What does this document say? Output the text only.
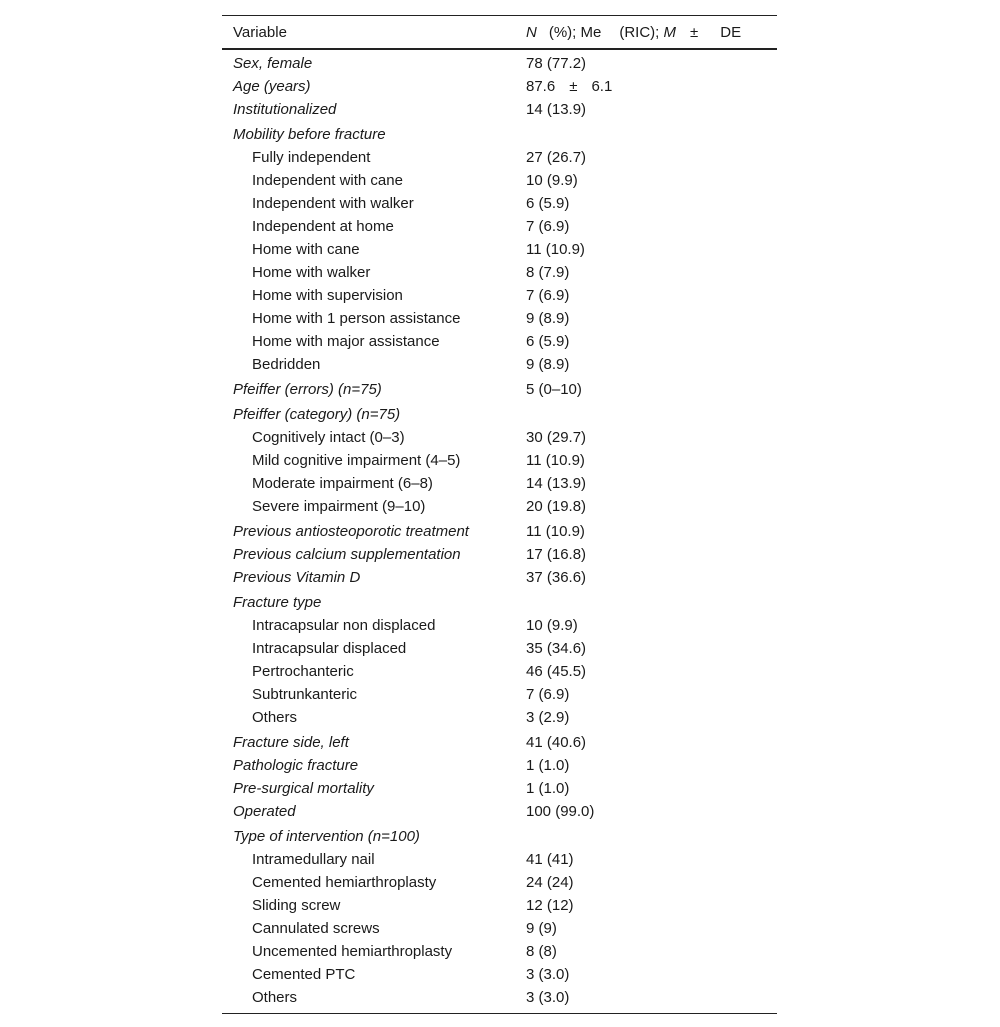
Variable	N (%); Me (RIC); M ± DE
Sex, female	78 (77.2)
Age (years)	87.6 ± 6.1
Institutionalized	14 (13.9)
Mobility before fracture
Fully independent	27 (26.7)
Independent with cane	10 (9.9)
Independent with walker	6 (5.9)
Independent at home	7 (6.9)
Home with cane	11 (10.9)
Home with walker	8 (7.9)
Home with supervision	7 (6.9)
Home with 1 person assistance	9 (8.9)
Home with major assistance	6 (5.9)
Bedridden	9 (8.9)
Pfeiffer (errors) (n=75)	5 (0–10)
Pfeiffer (category) (n=75)
Cognitively intact (0–3)	30 (29.7)
Mild cognitive impairment (4–5)	11 (10.9)
Moderate impairment (6–8)	14 (13.9)
Severe impairment (9–10)	20 (19.8)
Previous antiosteoporotic treatment	11 (10.9)
Previous calcium supplementation	17 (16.8)
Previous Vitamin D	37 (36.6)
Fracture type
Intracapsular non displaced	10 (9.9)
Intracapsular displaced	35 (34.6)
Pertrochanteric	46 (45.5)
Subtrunkanteric	7 (6.9)
Others	3 (2.9)
Fracture side, left	41 (40.6)
Pathologic fracture	1 (1.0)
Pre-surgical mortality	1 (1.0)
Operated	100 (99.0)
Type of intervention (n=100)
Intramedullary nail	41 (41)
Cemented hemiarthroplasty	24 (24)
Sliding screw	12 (12)
Cannulated screws	9 (9)
Uncemented hemiarthroplasty	8 (8)
Cemented PTC	3 (3.0)
Others	3 (3.0)
